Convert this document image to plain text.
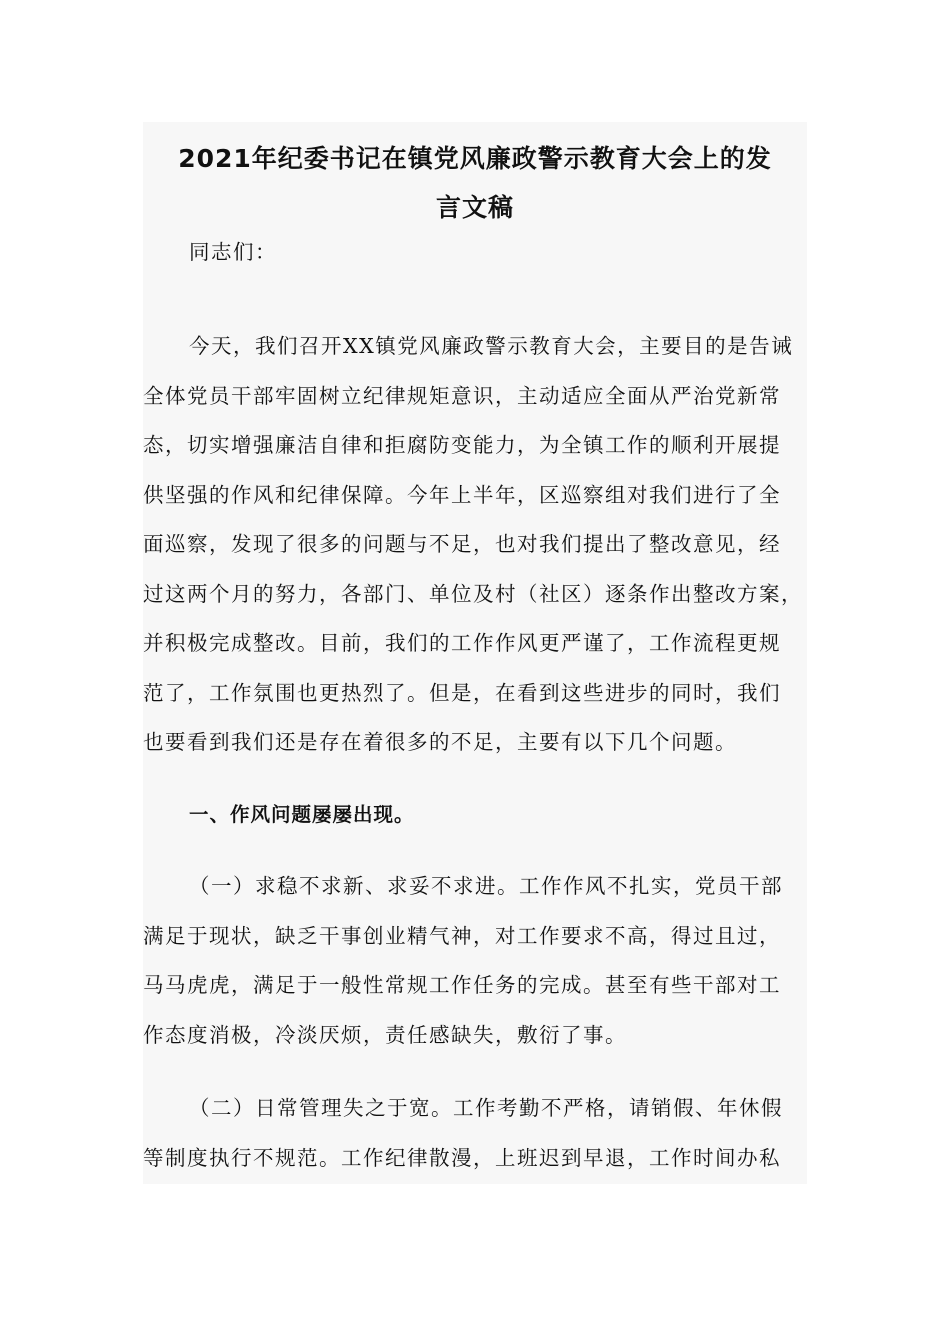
2021年纪委书记在镇党风廉政警示教育大会上的发
言文稿

同志们：

今天，我们召开XX镇党风廉政警示教育大会，主要目的是告诫
全体党员干部牢固树立纪律规矩意识，主动适应全面从严治党新常
态，切实增强廉洁自律和拒腐防变能力，为全镇工作的顺利开展提
供坚强的作风和纪律保障。今年上半年，区巡察组对我们进行了全
面巡察，发现了很多的问题与不足，也对我们提出了整改意见，经
过这两个月的努力，各部门、单位及村（社区）逐条作出整改方案，
并积极完成整改。目前，我们的工作作风更严谨了，工作流程更规
范了，工作氛围也更热烈了。但是，在看到这些进步的同时，我们
也要看到我们还是存在着很多的不足，主要有以下几个问题。
一、作风问题屡屡出现。
（一）求稳不求新、求妥不求进。工作作风不扎实，党员干部
满足于现状，缺乏干事创业精气神，对工作要求不高，得过且过，
马马虎虎，满足于一般性常规工作任务的完成。甚至有些干部对工
作态度消极，冷淡厌烦，责任感缺失，敷衍了事。
（二）日常管理失之于宽。工作考勤不严格，请销假、年休假
等制度执行不规范。工作纪律散漫，上班迟到早退，工作时间办私
